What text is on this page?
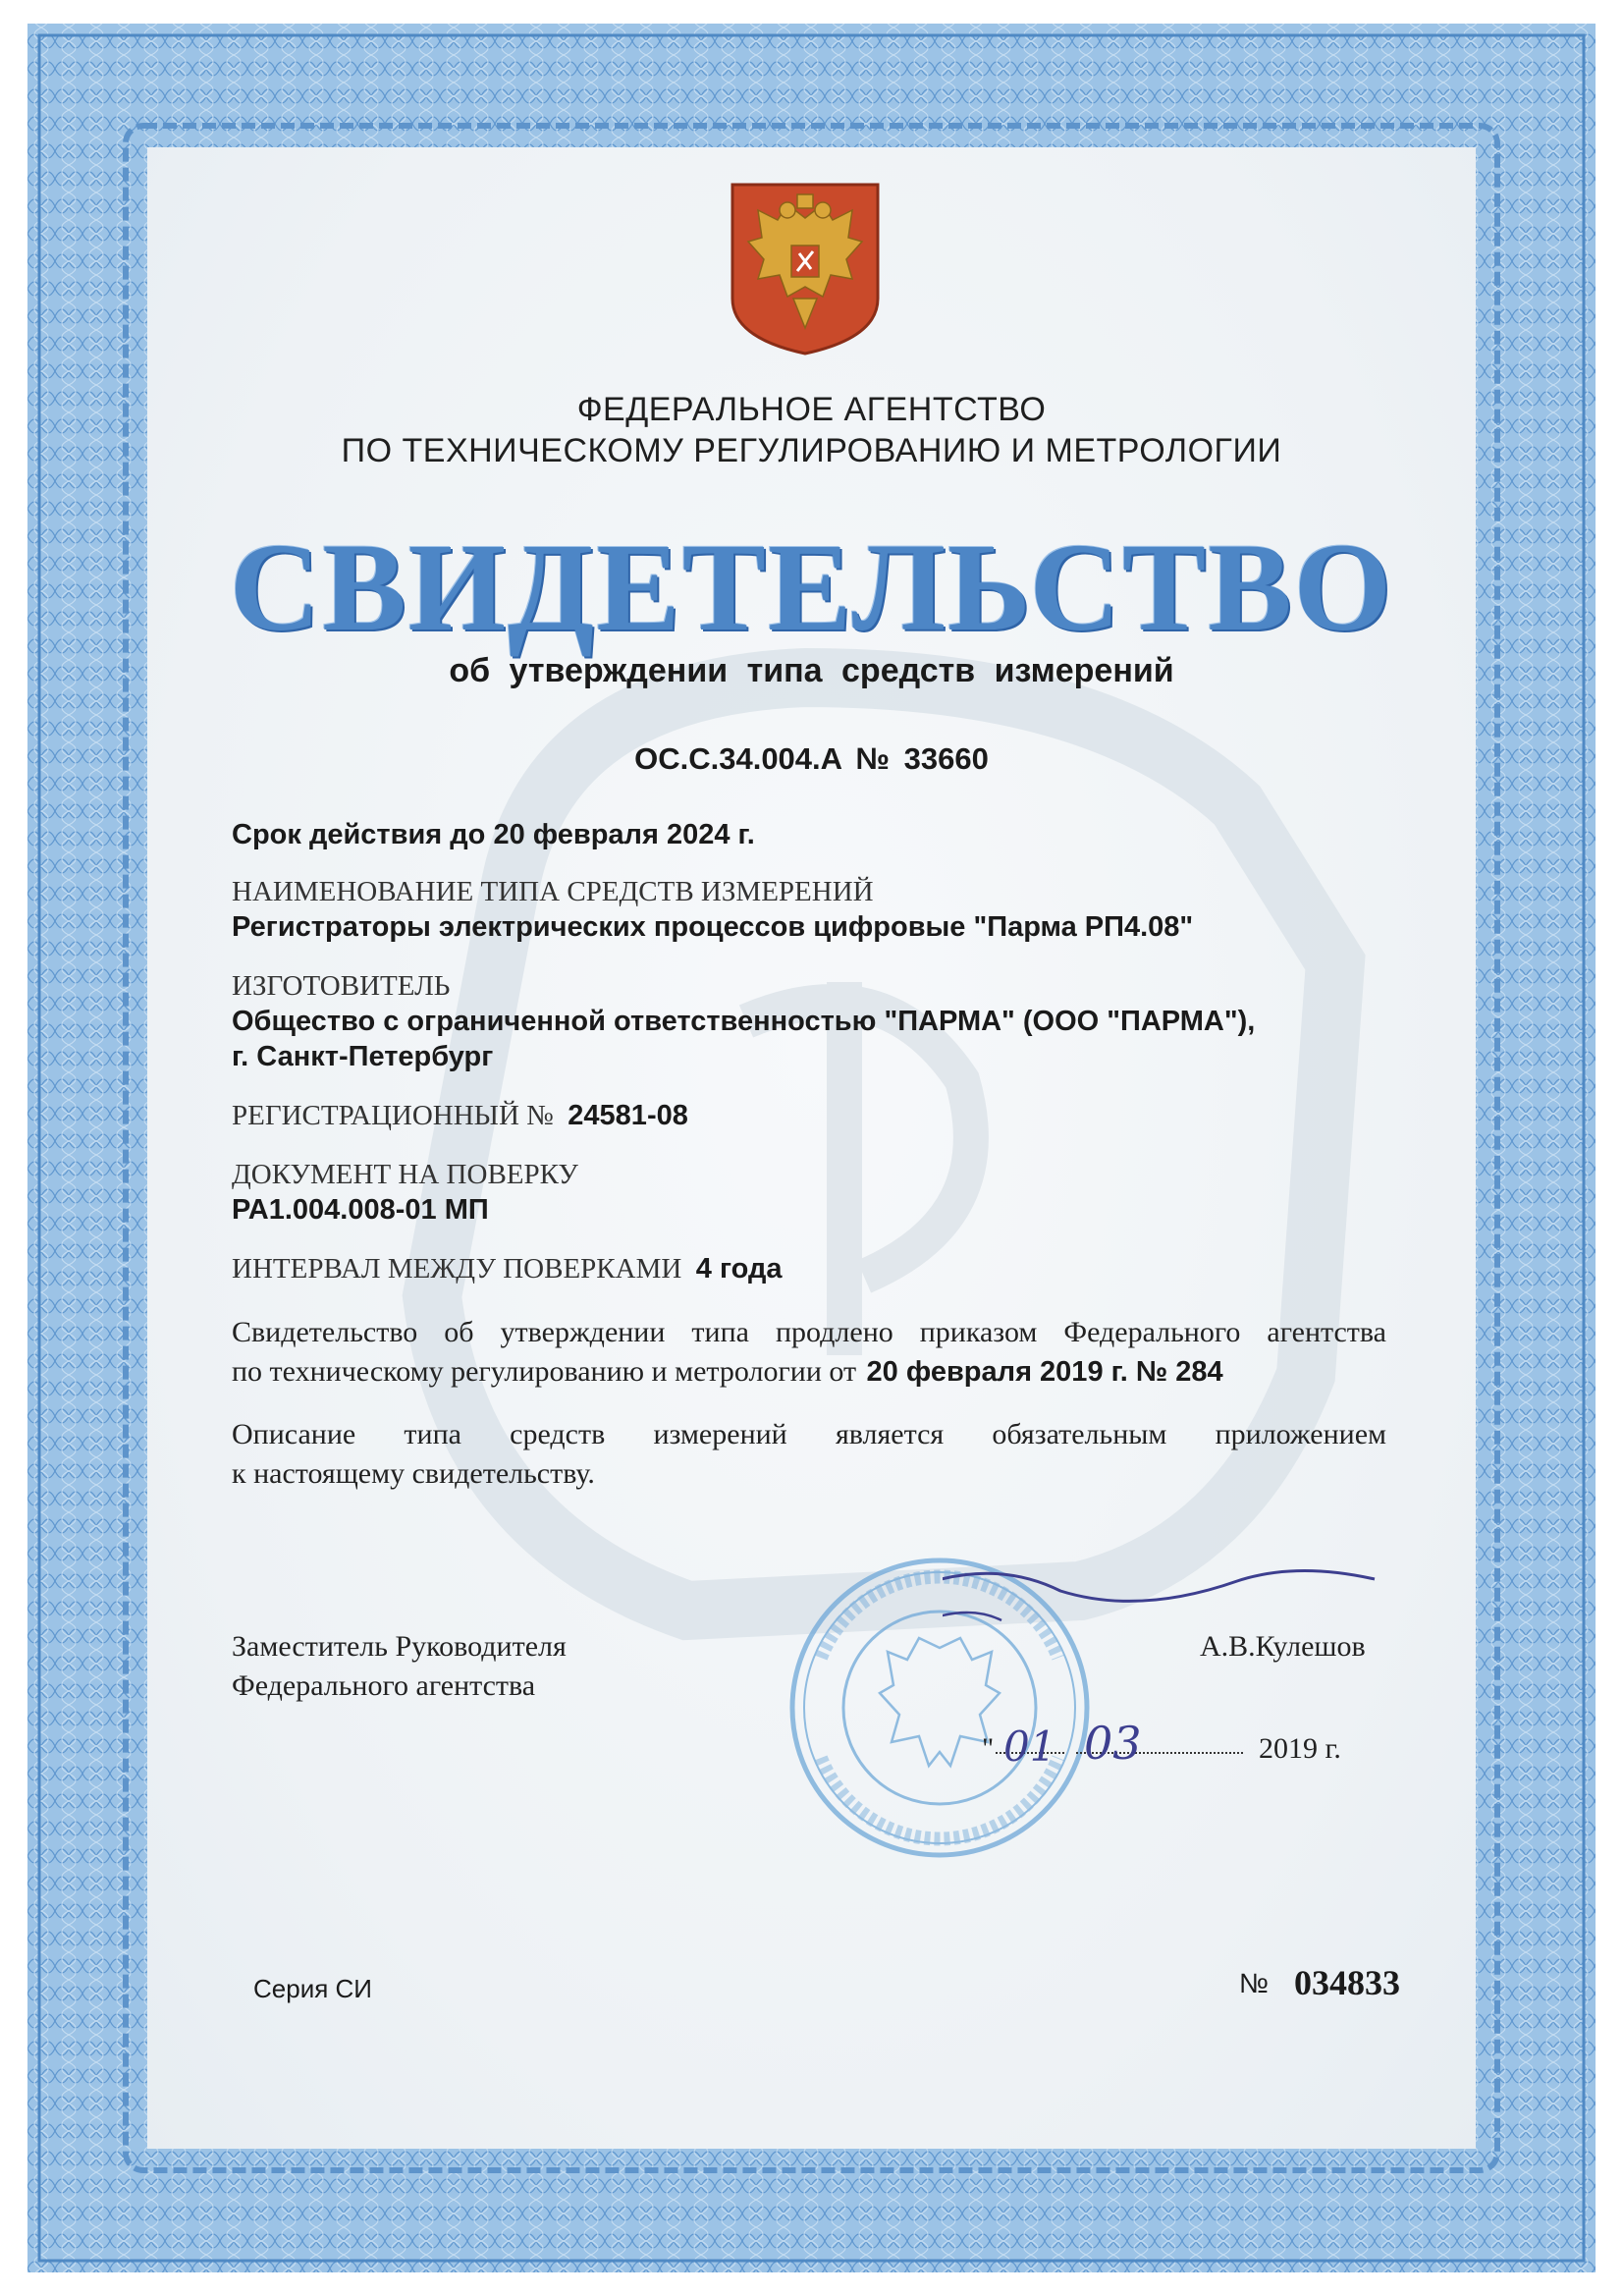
ФЕДЕРАЛЬНОЕ АГЕНТСТВО
ПО ТЕХНИЧЕСКОМУ РЕГУЛИРОВАНИЮ И МЕТРОЛОГИИ
СВИДЕТЕЛЬСТВО
об утверждении типа средств измерений
OC.C.34.004.A № 33660
Срок действия до 20 февраля 2024 г.
НАИМЕНОВАНИЕ ТИПА СРЕДСТВ ИЗМЕРЕНИЙ
Регистраторы электрических процессов цифровые "Парма РП4.08"
ИЗГОТОВИТЕЛЬ
Общество с ограниченной ответственностью "ПАРМА" (ООО "ПАРМА"),
г. Санкт-Петербург
РЕГИСТРАЦИОННЫЙ № 24581-08
ДОКУМЕНТ НА ПОВЕРКУ
РА1.004.008-01 МП
ИНТЕРВАЛ МЕЖДУ ПОВЕРКАМИ 4 года
Свидетельство об утверждении типа продлено приказом Федерального агентства
по техническому регулированию и метрологии от 20 февраля 2019 г. № 284
Описание типа средств измерений является обязательным приложением
к настоящему свидетельству.
Заместитель Руководителя
Федерального агентства
А.В.Кулешов
" 01 03	2019 г.
Серия СИ	№ 034833
